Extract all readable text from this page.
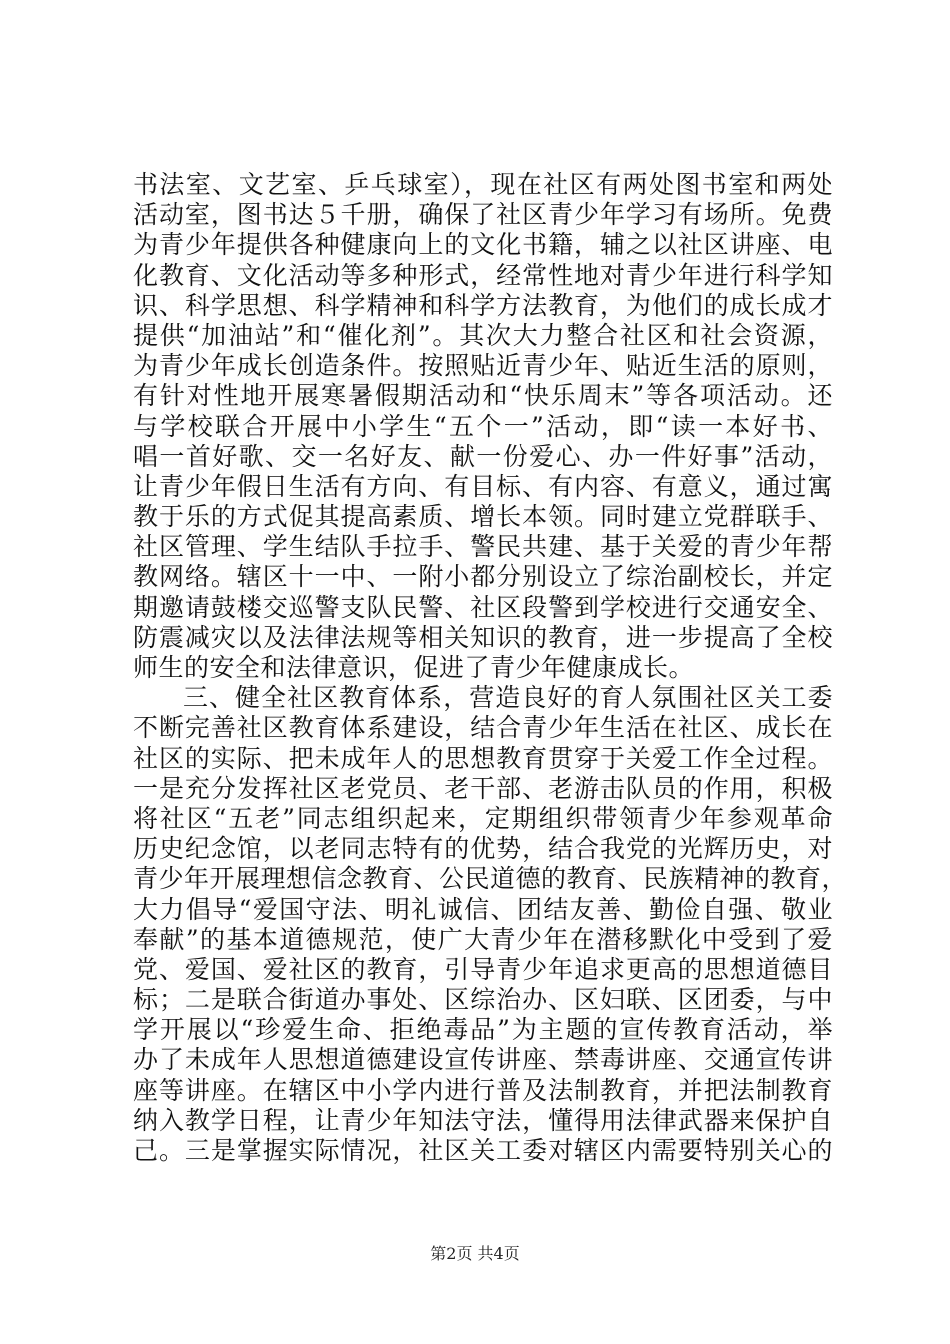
书法室、文艺室、乒乓球室），现在社区有两处图书室和两处
活动室，图书达５千册，确保了社区青少年学习有场所。免费
为青少年提供各种健康向上的文化书籍，辅之以社区讲座、电
化教育、文化活动等多种形式，经常性地对青少年进行科学知
识、科学思想、科学精神和科学方法教育，为他们的成长成才
提供“加油站”和“催化剂”。其次大力整合社区和社会资源，
为青少年成长创造条件。按照贴近青少年、贴近生活的原则，
有针对性地开展寒暑假期活动和“快乐周末”等各项活动。还
与学校联合开展中小学生“五个一”活动，即“读一本好书、
唱一首好歌、交一名好友、献一份爱心、办一件好事”活动，
让青少年假日生活有方向、有目标、有内容、有意义，通过寓
教于乐的方式促其提高素质、增长本领。同时建立党群联手、
社区管理、学生结队手拉手、警民共建、基于关爱的青少年帮
教网络。辖区十一中、一附小都分别设立了综治副校长，并定
期邀请鼓楼交巡警支队民警、社区段警到学校进行交通安全、
防震减灾以及法律法规等相关知识的教育，进一步提高了全校
师生的安全和法律意识，促进了青少年健康成长。
三、健全社区教育体系，营造良好的育人氛围社区关工委
不断完善社区教育体系建设，结合青少年生活在社区、成长在
社区的实际、把未成年人的思想教育贯穿于关爱工作全过程。
一是充分发挥社区老党员、老干部、老游击队员的作用，积极
将社区“五老”同志组织起来，定期组织带领青少年参观革命
历史纪念馆，以老同志特有的优势，结合我党的光辉历史，对
青少年开展理想信念教育、公民道德的教育、民族精神的教育，
大力倡导“爱国守法、明礼诚信、团结友善、勤俭自强、敬业
奉献”的基本道德规范，使广大青少年在潜移默化中受到了爱
党、爱国、爱社区的教育，引导青少年追求更高的思想道德目
标；二是联合街道办事处、区综治办、区妇联、区团委，与中
学开展以“珍爱生命、拒绝毒品”为主题的宣传教育活动，举
办了未成年人思想道德建设宣传讲座、禁毒讲座、交通宣传讲
座等讲座。在辖区中小学内进行普及法制教育，并把法制教育
纳入教学日程，让青少年知法守法，懂得用法律武器来保护自
己。三是掌握实际情况，社区关工委对辖区内需要特别关心的
第2页 共4页
